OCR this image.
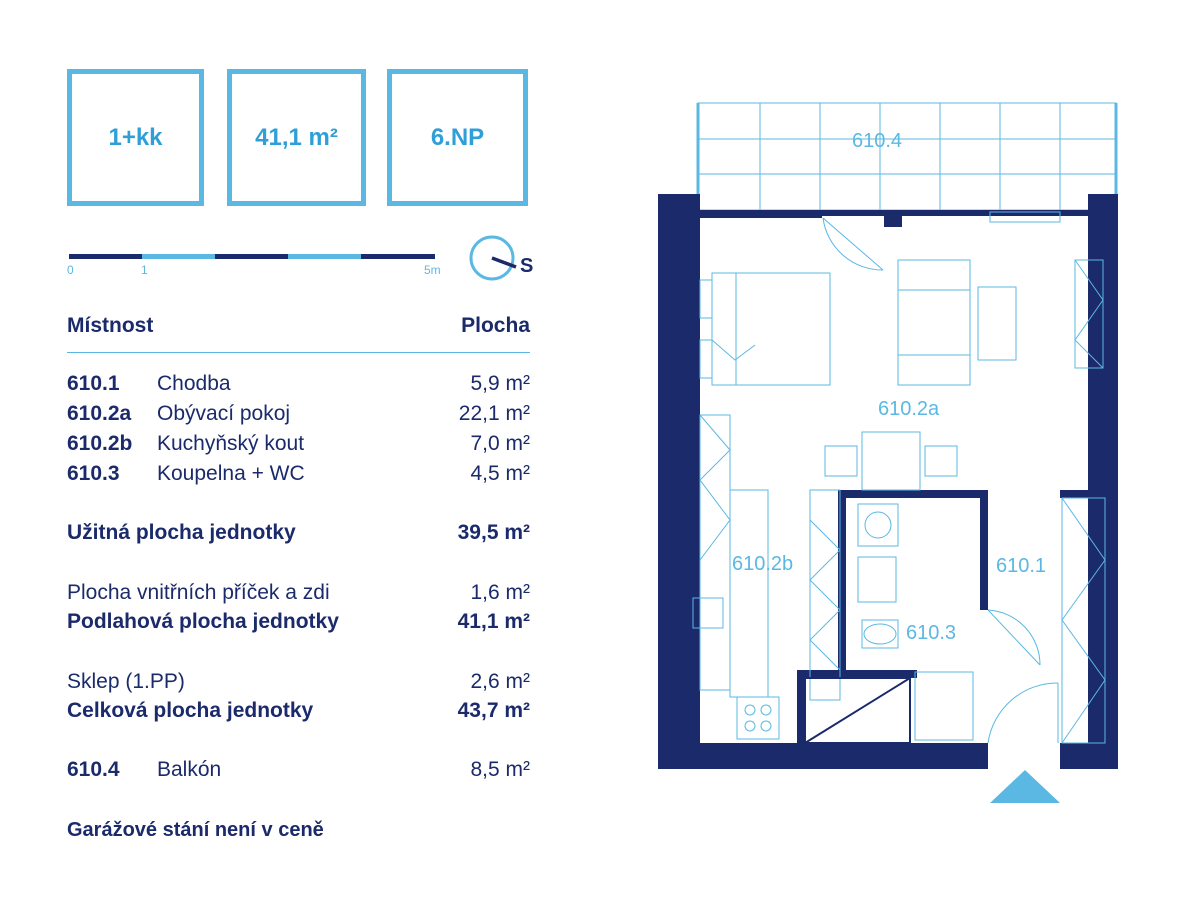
1+kk	41,1 m²	6.NP
0	1	5m	S
Místnost	Plocha
610.1 Chodba	5,9 m²
610.2a Obývací pokoj	22,1 m²
610.2b Kuchyňský kout	7,0 m²
610.3 Koupelna + WC	4,5 m²
Užitná plocha jednotky	39,5 m²
Plocha vnitřních příček a zdi	1,6 m²
Podlahová plocha jednotky	41,1 m²
Sklep (1.PP)	2,6 m²
Celková plocha jednotky	43,7 m²
610.4 Balkón	8,5 m²
Garážové stání není v ceně
610.4
610.2a
610.2b	610.1
610.3
